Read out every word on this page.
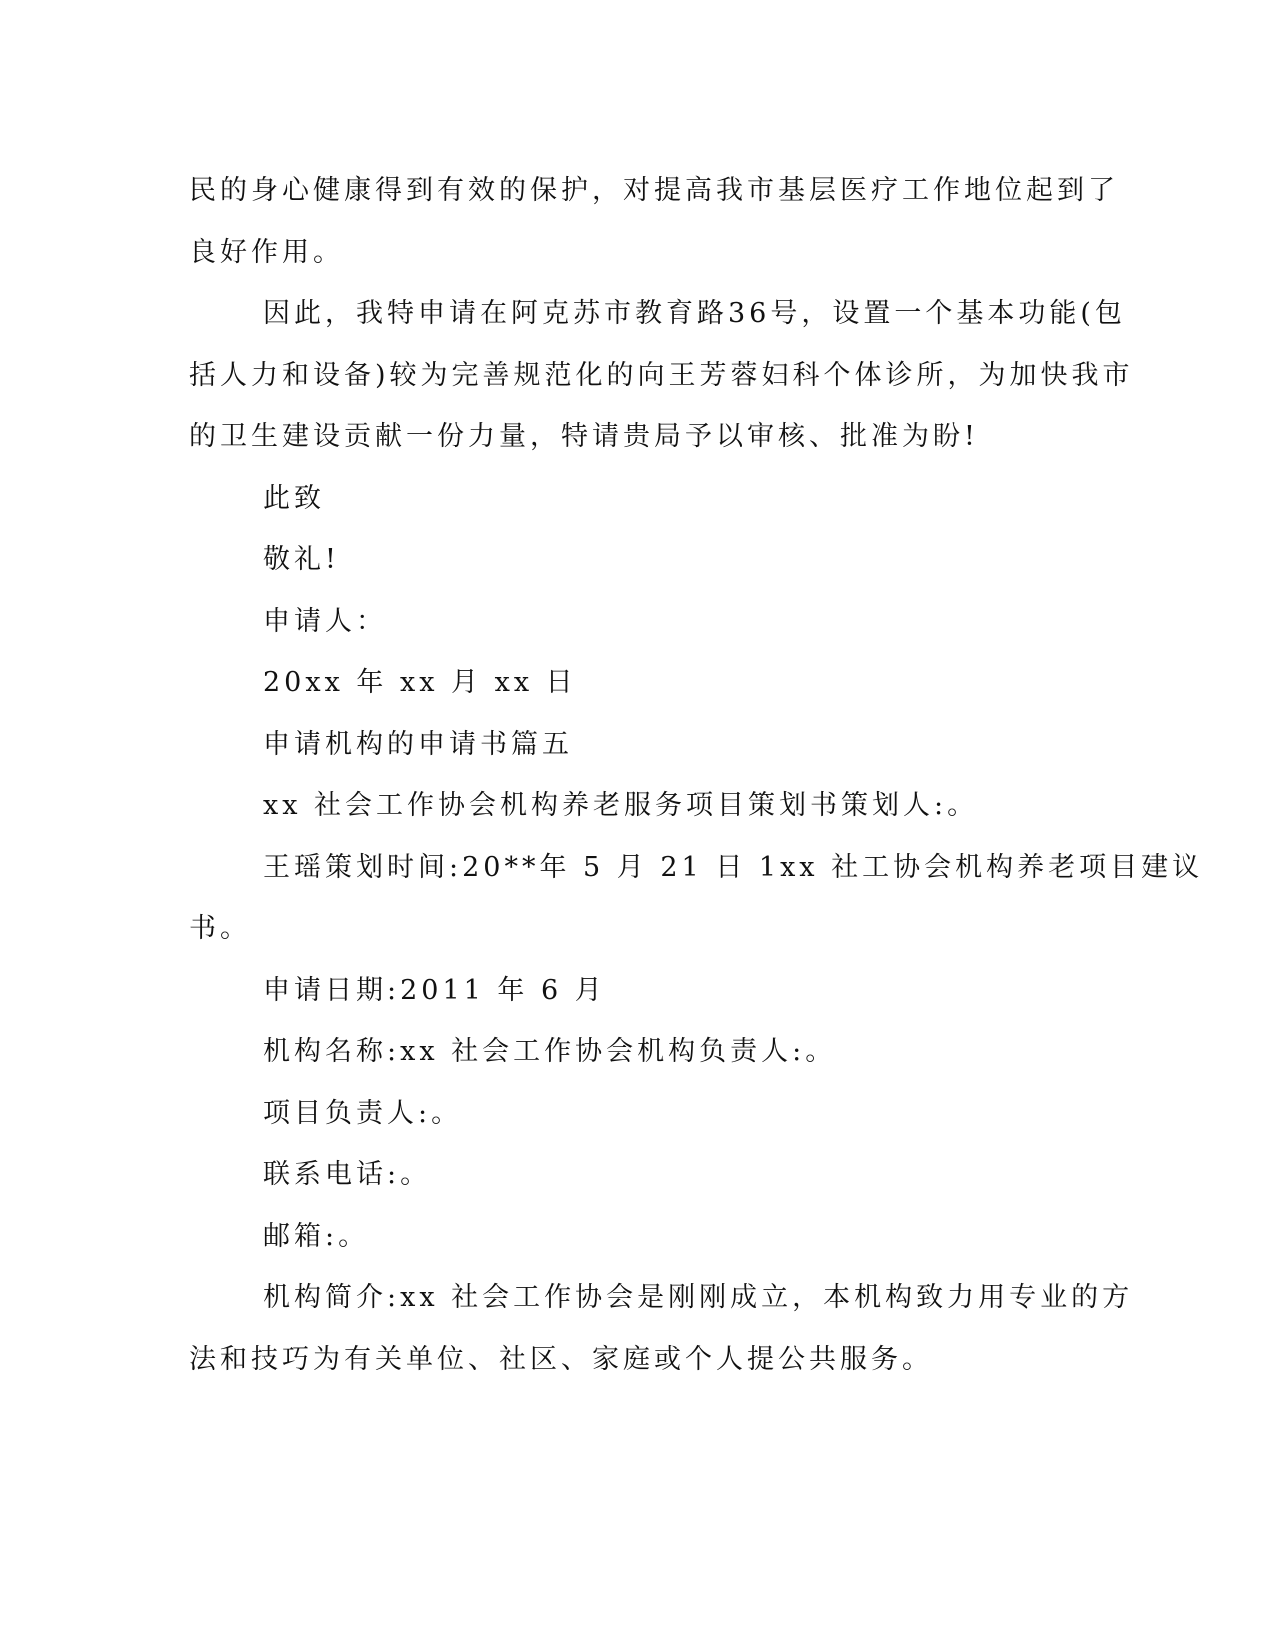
民的身心健康得到有效的保护，对提高我市基层医疗工作地位起到了
良好作用。

因此，我特申请在阿克苏市教育路36号，设置一个基本功能(包
括人力和设备)较为完善规范化的向王芳蓉妇科个体诊所，为加快我市
的卫生建设贡献一份力量，特请贵局予以审核、批准为盼!

此致

敬礼!

申请人：

20xx 年 xx 月 xx 日

申请机构的申请书篇五

xx 社会工作协会机构养老服务项目策划书策划人:。

王瑶策划时间:20**年 5 月 21 日 1xx 社工协会机构养老项目建议
书。

申请日期:2011 年 6 月

机构名称:xx 社会工作协会机构负责人:。

项目负责人:。

联系电话:。

邮箱:。

机构简介:xx 社会工作协会是刚刚成立，本机构致力用专业的方
法和技巧为有关单位、社区、家庭或个人提公共服务。
